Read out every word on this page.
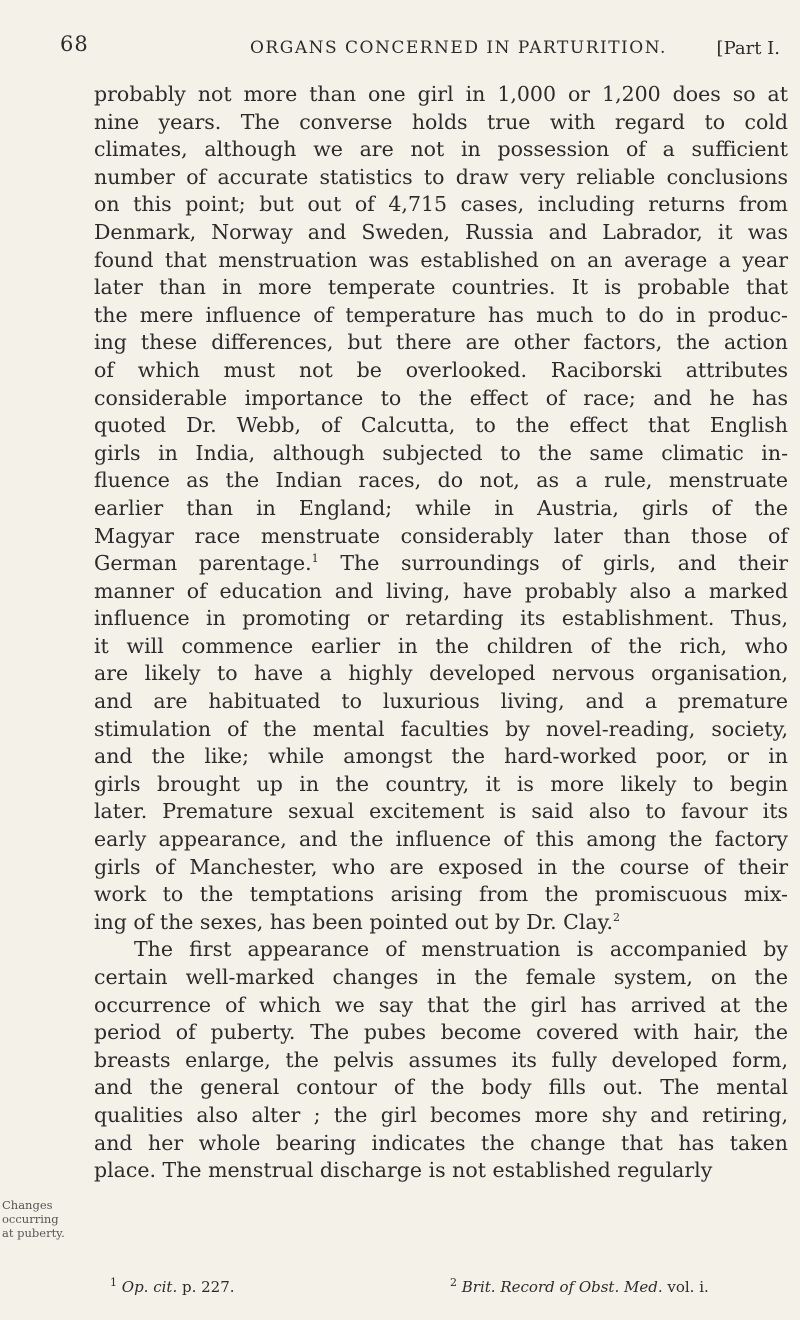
68	ORGANS CONCERNED IN PARTURITION.	[Part I.
Changes
occurring
at puberty.
probably not more than one girl in 1,000 or 1,200 does so at
nine years. The converse holds true with regard to cold
climates, although we are not in possession of a sufficient
number of accurate statistics to draw very reliable conclusions
on this point; but out of 4,715 cases, including returns from
Denmark, Norway and Sweden, Russia and Labrador, it was
found that menstruation was established on an average a year
later than in more temperate countries. It is probable that
the mere influence of temperature has much to do in produc-
ing these differences, but there are other factors, the action
of which must not be overlooked. Raciborski attributes
considerable importance to the effect of race; and he has
quoted Dr. Webb, of Calcutta, to the effect that English
girls in India, although subjected to the same climatic in-
fluence as the Indian races, do not, as a rule, menstruate
earlier than in England; while in Austria, girls of the
Magyar race menstruate considerably later than those of
German parentage.$^1$ The surroundings of girls, and their
manner of education and living, have probably also a marked
influence in promoting or retarding its establishment. Thus,
it will commence earlier in the children of the rich, who
are likely to have a highly developed nervous organisation,
and are habituated to luxurious living, and a premature
stimulation of the mental faculties by novel-reading, society,
and the like; while amongst the hard-worked poor, or in
girls brought up in the country, it is more likely to begin
later. Premature sexual excitement is said also to favour its
early appearance, and the influence of this among the factory
girls of Manchester, who are exposed in the course of their
work to the temptations arising from the promiscuous mix-
ing of the sexes, has been pointed out by Dr. Clay.$^2$
The first appearance of menstruation is accompanied by
certain well-marked changes in the female system, on the
occurrence of which we say that the girl has arrived at the
period of puberty. The pubes become covered with hair, the
breasts enlarge, the pelvis assumes its fully developed form,
and the general contour of the body fills out. The mental
qualities also alter ; the girl becomes more shy and retiring,
and her whole bearing indicates the change that has taken
place. The menstrual discharge is not established regularly
$^1$ Op. cit. p. 227.	$^2$ Brit. Record of Obst. Med. vol. i.
